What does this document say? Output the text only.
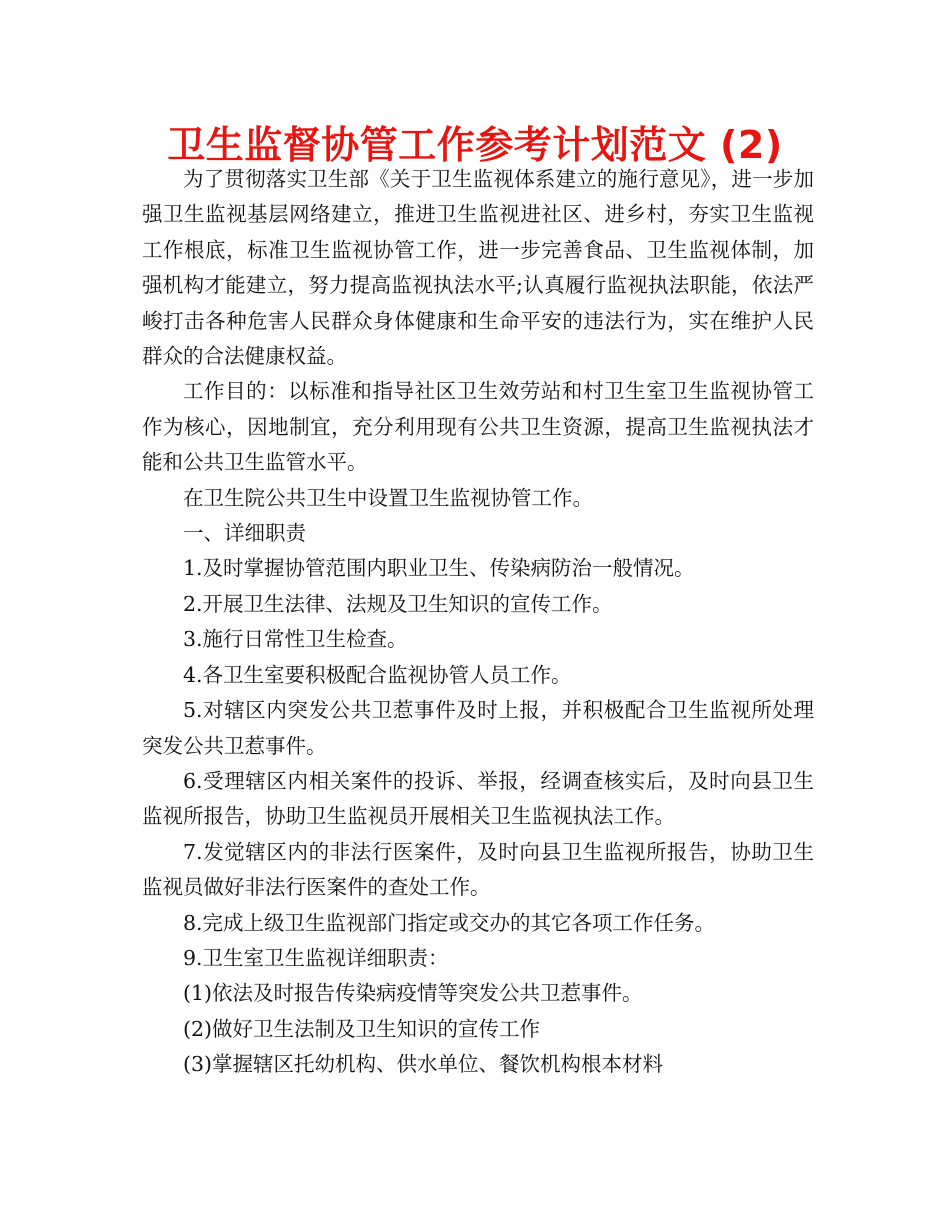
卫生监督协管工作参考计划范文 (2)

为了贯彻落实卫生部《关于卫生监视体系建立的施行意见》，进一步加强卫生监视基层网络建立，推进卫生监视进社区、进乡村，夯实卫生监视工作根底，标准卫生监视协管工作，进一步完善食品、卫生监视体制，加强机构才能建立，努力提高监视执法水平;认真履行监视执法职能，依法严峻打击各种危害人民群众身体健康和生命平安的违法行为，实在维护人民群众的合法健康权益。

工作目的：以标准和指导社区卫生效劳站和村卫生室卫生监视协管工作为核心，因地制宜，充分利用现有公共卫生资源，提高卫生监视执法才能和公共卫生监管水平。

在卫生院公共卫生中设置卫生监视协管工作。

一、详细职责

1.及时掌握协管范围内职业卫生、传染病防治一般情况。

2.开展卫生法律、法规及卫生知识的宣传工作。

3.施行日常性卫生检查。

4.各卫生室要积极配合监视协管人员工作。

5.对辖区内突发公共卫惹事件及时上报，并积极配合卫生监视所处理突发公共卫惹事件。

6.受理辖区内相关案件的投诉、举报，经调查核实后，及时向县卫生监视所报告，协助卫生监视员开展相关卫生监视执法工作。

7.发觉辖区内的非法行医案件，及时向县卫生监视所报告，协助卫生监视员做好非法行医案件的查处工作。

8.完成上级卫生监视部门指定或交办的其它各项工作任务。

9.卫生室卫生监视详细职责：

(1)依法及时报告传染病疫情等突发公共卫惹事件。

(2)做好卫生法制及卫生知识的宣传工作

(3)掌握辖区托幼机构、供水单位、餐饮机构根本材料
